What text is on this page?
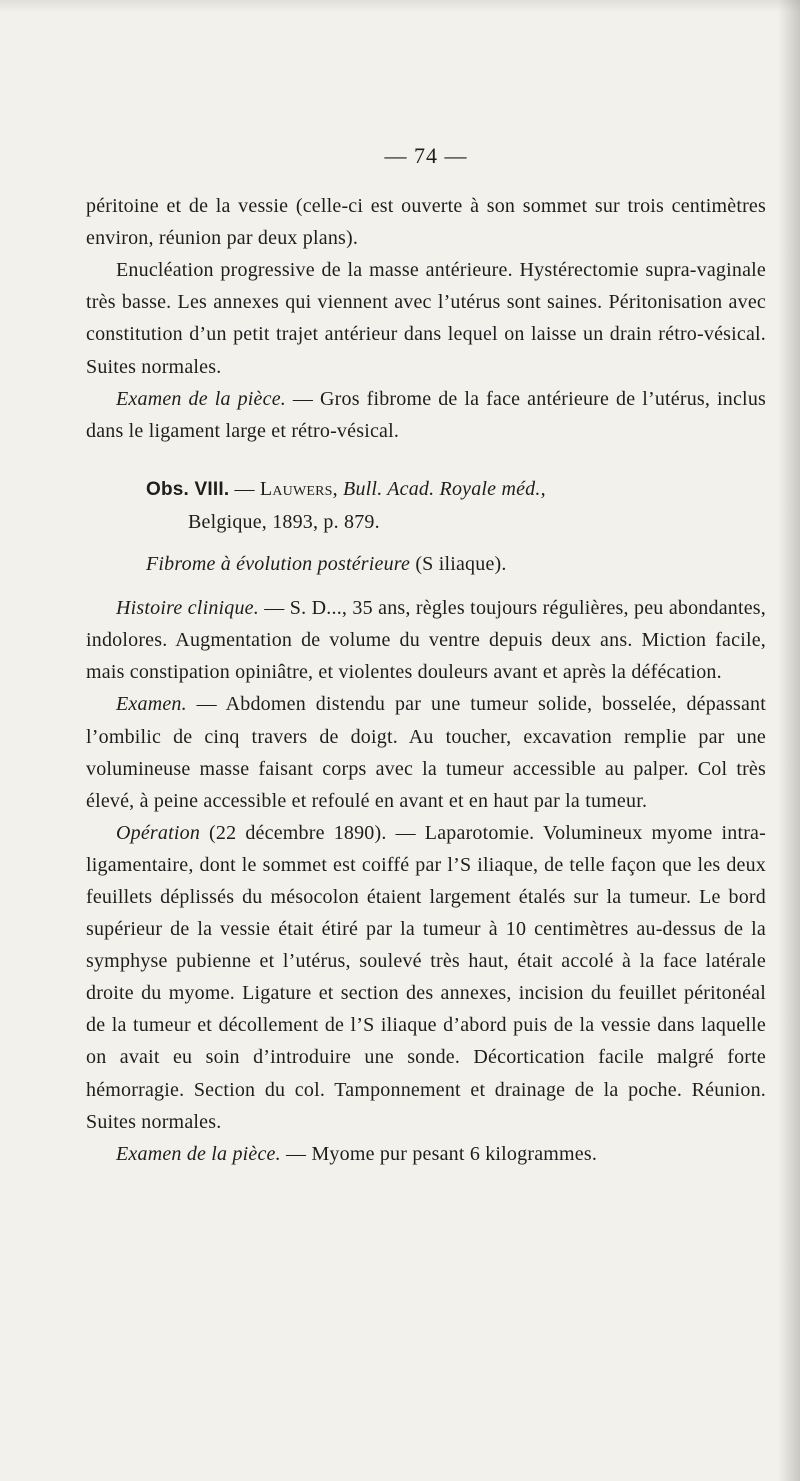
— 74 —

péritoine et de la vessie (celle-ci est ouverte à son sommet sur trois centimètres environ, réunion par deux plans).

Enucléation progressive de la masse antérieure. Hystérectomie supra-vaginale très basse. Les annexes qui viennent avec l’utérus sont saines. Péritonisation avec constitution d’un petit trajet antérieur dans lequel on laisse un drain rétro-vésical. Suites normales.

Examen de la pièce. — Gros fibrome de la face antérieure de l’utérus, inclus dans le ligament large et rétro-vésical.

Obs. VIII. — Lauwers, Bull. Acad. Royale méd.,
Belgique, 1893, p. 879.

Fibrome à évolution postérieure (S iliaque).

Histoire clinique. — S. D..., 35 ans, règles toujours régulières, peu abondantes, indolores. Augmentation de volume du ventre depuis deux ans. Miction facile, mais constipation opiniâtre, et violentes douleurs avant et après la défécation.

Examen. — Abdomen distendu par une tumeur solide, bosselée, dépassant l’ombilic de cinq travers de doigt. Au toucher, excavation remplie par une volumineuse masse faisant corps avec la tumeur accessible au palper. Col très élevé, à peine accessible et refoulé en avant et en haut par la tumeur.

Opération (22 décembre 1890). — Laparotomie. Volumineux myome intra-ligamentaire, dont le sommet est coiffé par l’S iliaque, de telle façon que les deux feuillets déplissés du mésocolon étaient largement étalés sur la tumeur. Le bord supérieur de la vessie était étiré par la tumeur à 10 centimètres au-dessus de la symphyse pubienne et l’utérus, soulevé très haut, était accolé à la face latérale droite du myome. Ligature et section des annexes, incision du feuillet péritonéal de la tumeur et décollement de l’S iliaque d’abord puis de la vessie dans laquelle on avait eu soin d’introduire une sonde. Décortication facile malgré forte hémorragie. Section du col. Tamponnement et drainage de la poche. Réunion. Suites normales.

Examen de la pièce. — Myome pur pesant 6 kilogrammes.
